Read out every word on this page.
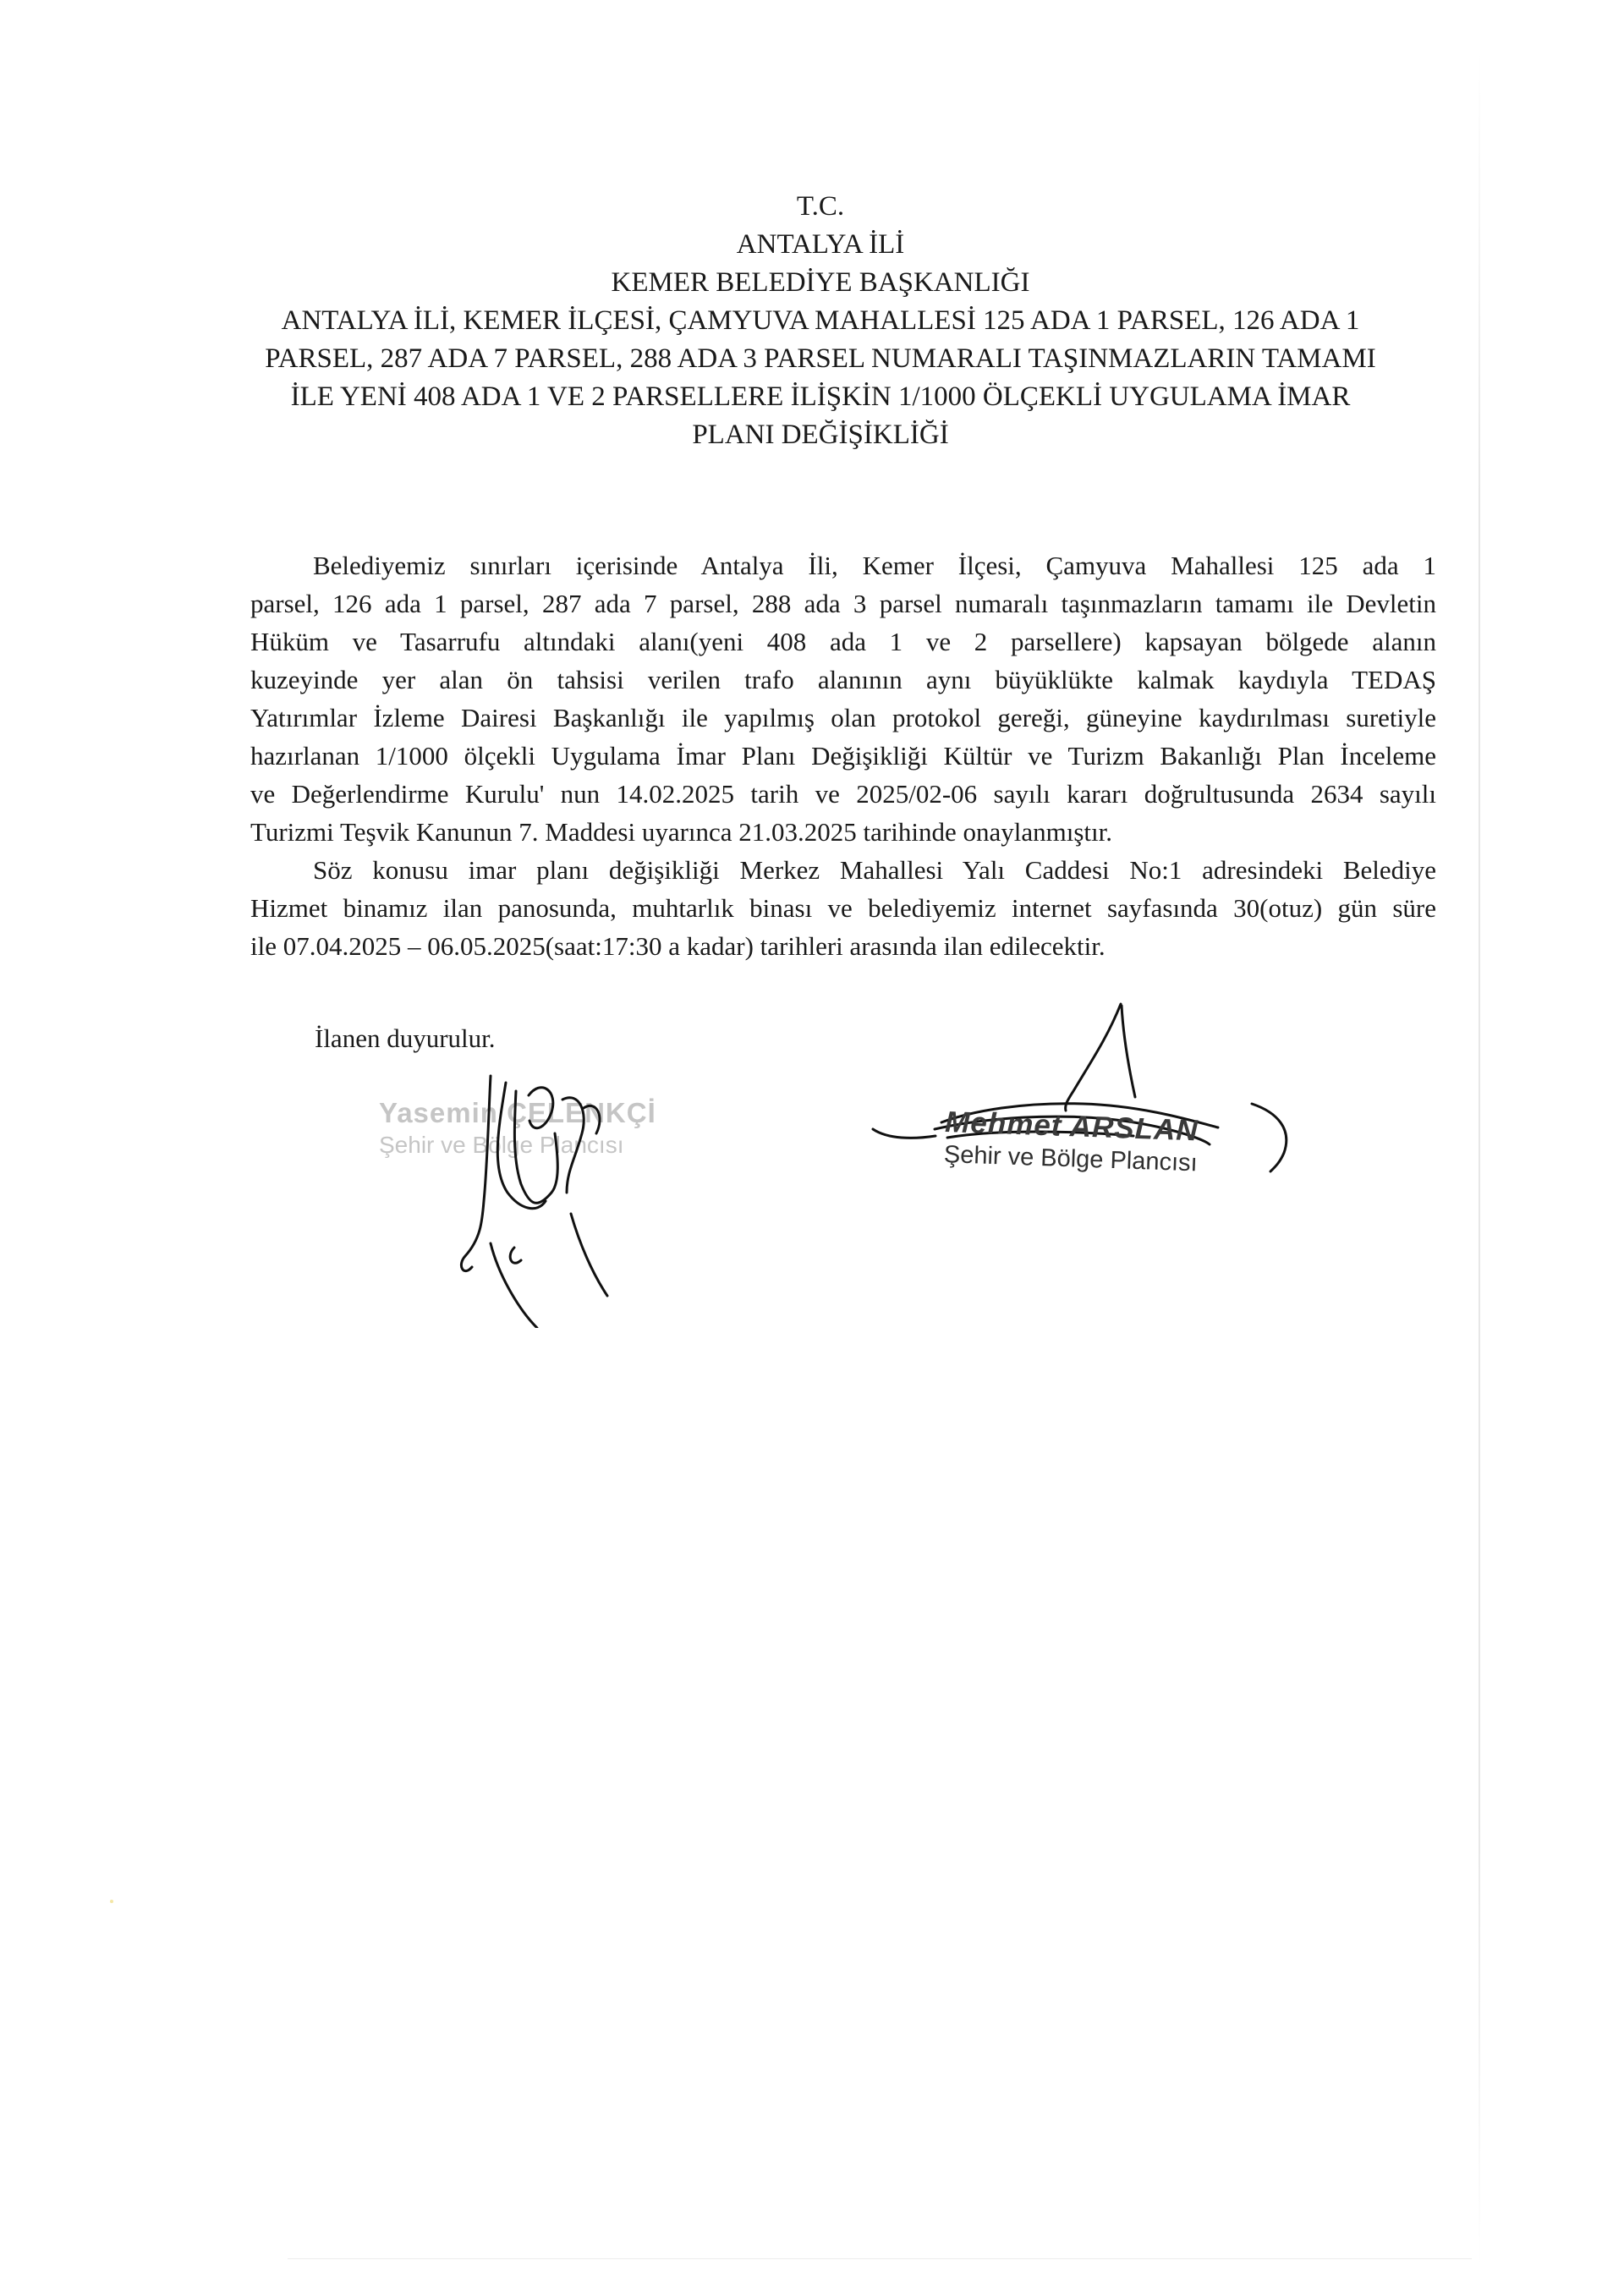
T.C.
ANTALYA İLİ
KEMER BELEDİYE BAŞKANLIĞI
ANTALYA İLİ, KEMER İLÇESİ, ÇAMYUVA MAHALLESİ 125 ADA 1 PARSEL, 126 ADA 1
PARSEL, 287 ADA 7 PARSEL, 288 ADA 3 PARSEL NUMARALI TAŞINMAZLARIN TAMAMI
İLE YENİ 408 ADA 1 VE 2 PARSELLERE İLİŞKİN 1/1000 ÖLÇEKLİ UYGULAMA İMAR
PLANI DEĞİŞİKLİĞİ

Belediyemiz sınırları içerisinde Antalya İli, Kemer İlçesi, Çamyuva Mahallesi 125 ada 1
parsel, 126 ada 1 parsel, 287 ada 7 parsel, 288 ada 3 parsel numaralı taşınmazların tamamı ile Devletin
Hüküm ve Tasarrufu altındaki alanı(yeni 408 ada 1 ve 2 parsellere) kapsayan bölgede alanın
kuzeyinde yer alan ön tahsisi verilen trafo alanının aynı büyüklükte kalmak kaydıyla TEDAŞ
Yatırımlar İzleme Dairesi Başkanlığı ile yapılmış olan protokol gereği, güneyine kaydırılması suretiyle
hazırlanan 1/1000 ölçekli Uygulama İmar Planı Değişikliği Kültür ve Turizm Bakanlığı Plan İnceleme
ve Değerlendirme Kurulu' nun 14.02.2025 tarih ve 2025/02-06 sayılı kararı doğrultusunda 2634 sayılı
Turizmi Teşvik Kanunun 7. Maddesi uyarınca 21.03.2025 tarihinde onaylanmıştır.

Söz konusu imar planı değişikliği Merkez Mahallesi Yalı Caddesi No:1 adresindeki Belediye
Hizmet binamız ilan panosunda, muhtarlık binası ve belediyemiz internet sayfasında 30(otuz) gün süre
ile 07.04.2025 – 06.05.2025(saat:17:30 a kadar) tarihleri arasında ilan edilecektir.

İlanen duyurulur.
Yasemin ÇELENKÇİ
Şehir ve Bölge Plancısı	Mehmet ARSLAN
Şehir ve Bölge Plancısı
